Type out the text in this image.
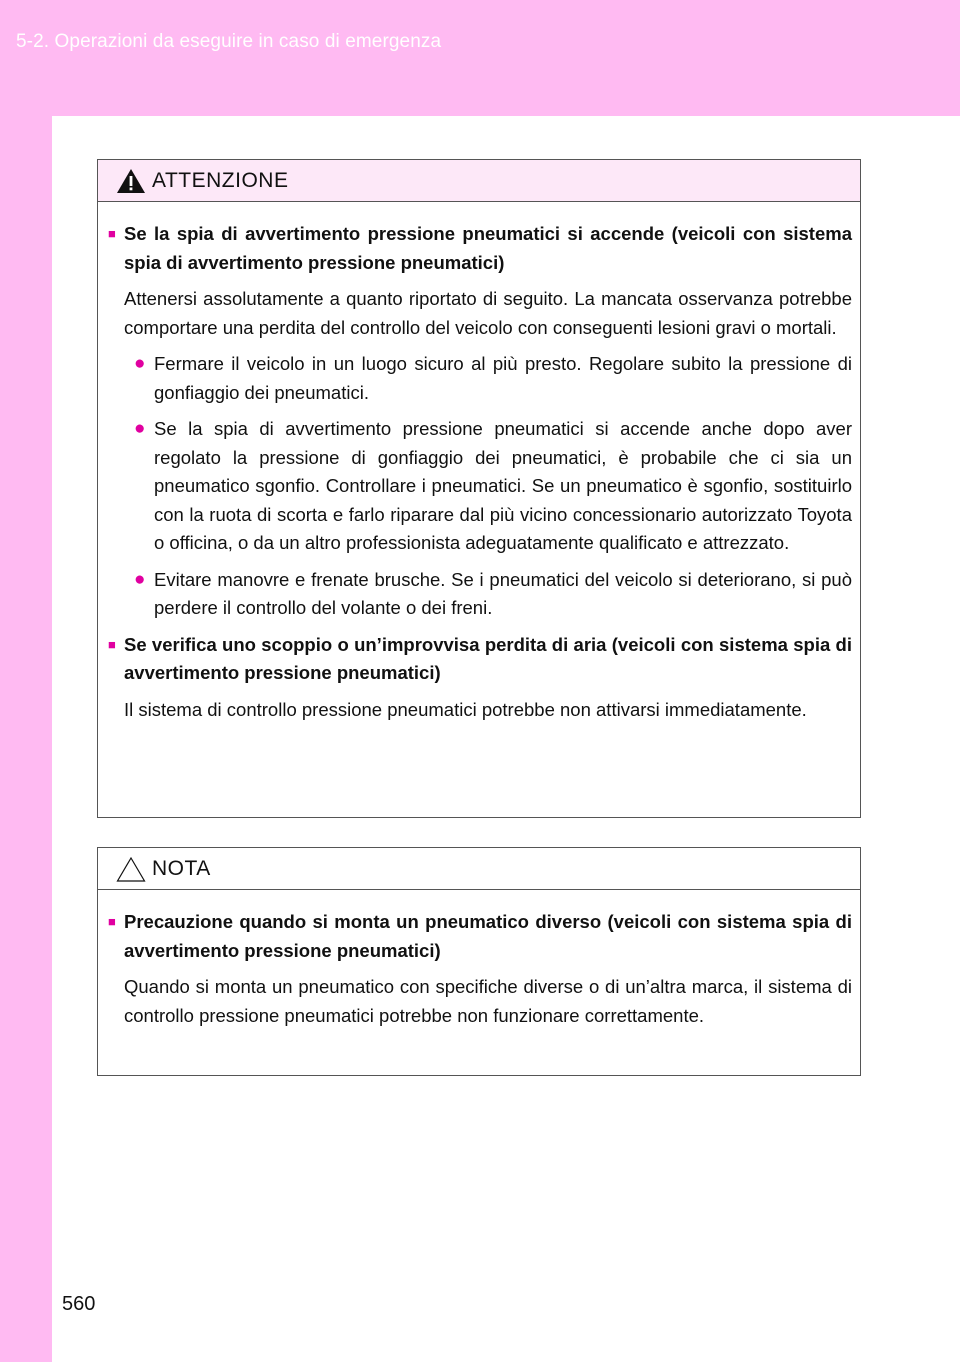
5-2. Operazioni da eseguire in caso di emergenza
ATTENZIONE
■ Se la spia di avvertimento pressione pneumatici si accende (veicoli con sistema spia di avvertimento pressione pneumatici)

Attenersi assolutamente a quanto riportato di seguito. La mancata osservanza potrebbe comportare una perdita del controllo del veicolo con conseguenti lesioni gravi o mortali.

● Fermare il veicolo in un luogo sicuro al più presto. Regolare subito la pressione di gonfiaggio dei pneumatici.

● Se la spia di avvertimento pressione pneumatici si accende anche dopo aver regolato la pressione di gonfiaggio dei pneumatici, è probabile che ci sia un pneumatico sgonfio. Controllare i pneumatici. Se un pneumatico è sgonfio, sostituirlo con la ruota di scorta e farlo riparare dal più vicino concessionario autorizzato Toyota o officina, o da un altro professionista adeguatamente qualificato e attrezzato.

● Evitare manovre e frenate brusche. Se i pneumatici del veicolo si deteriorano, si può perdere il controllo del volante o dei freni.

■ Se verifica uno scoppio o un’improvvisa perdita di aria (veicoli con sistema spia di avvertimento pressione pneumatici)

Il sistema di controllo pressione pneumatici potrebbe non attivarsi immediatamente.

NOTA
■ Precauzione quando si monta un pneumatico diverso (veicoli con sistema spia di avvertimento pressione pneumatici)

Quando si monta un pneumatico con specifiche diverse o di un’altra marca, il sistema di controllo pressione pneumatici potrebbe non funzionare correttamente.

560
